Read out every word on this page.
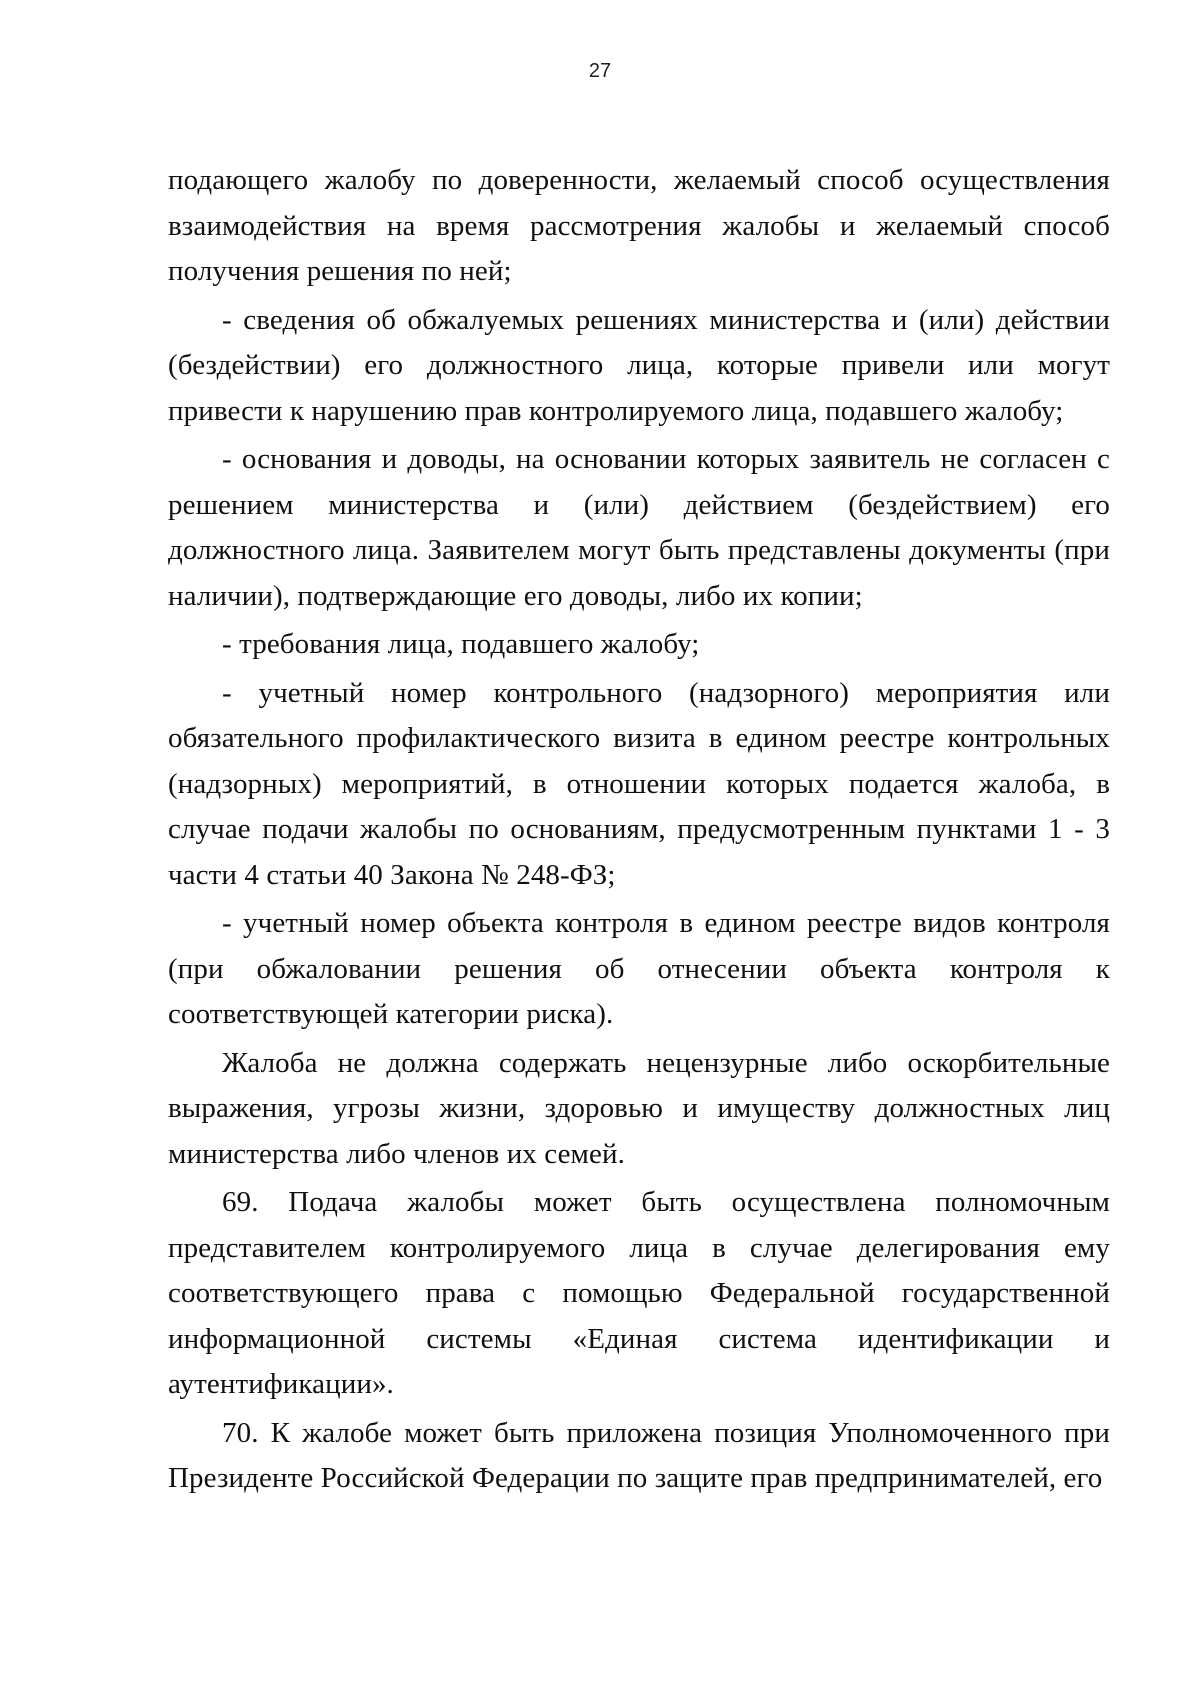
27

подающего жалобу по доверенности, желаемый способ осуществления взаимодействия на время рассмотрения жалобы и желаемый способ получения решения по ней;

- сведения об обжалуемых решениях министерства и (или) действии (бездействии) его должностного лица, которые привели или могут привести к нарушению прав контролируемого лица, подавшего жалобу;

- основания и доводы, на основании которых заявитель не согласен с решением министерства и (или) действием (бездействием) его должностного лица. Заявителем могут быть представлены документы (при наличии), подтверждающие его доводы, либо их копии;

- требования лица, подавшего жалобу;

- учетный номер контрольного (надзорного) мероприятия или обязательного профилактического визита в едином реестре контрольных (надзорных) мероприятий, в отношении которых подается жалоба, в случае подачи жалобы по основаниям, предусмотренным пунктами 1 - 3 части 4 статьи 40 Закона № 248-ФЗ;

- учетный номер объекта контроля в едином реестре видов контроля (при обжаловании решения об отнесении объекта контроля к соответствующей категории риска).

Жалоба не должна содержать нецензурные либо оскорбительные выражения, угрозы жизни, здоровью и имуществу должностных лиц министерства либо членов их семей.

69. Подача жалобы может быть осуществлена полномочным представителем контролируемого лица в случае делегирования ему соответствующего права с помощью Федеральной государственной информационной системы «Единая система идентификации и аутентификации».

70. К жалобе может быть приложена позиция Уполномоченного при Президенте Российской Федерации по защите прав предпринимателей, его
